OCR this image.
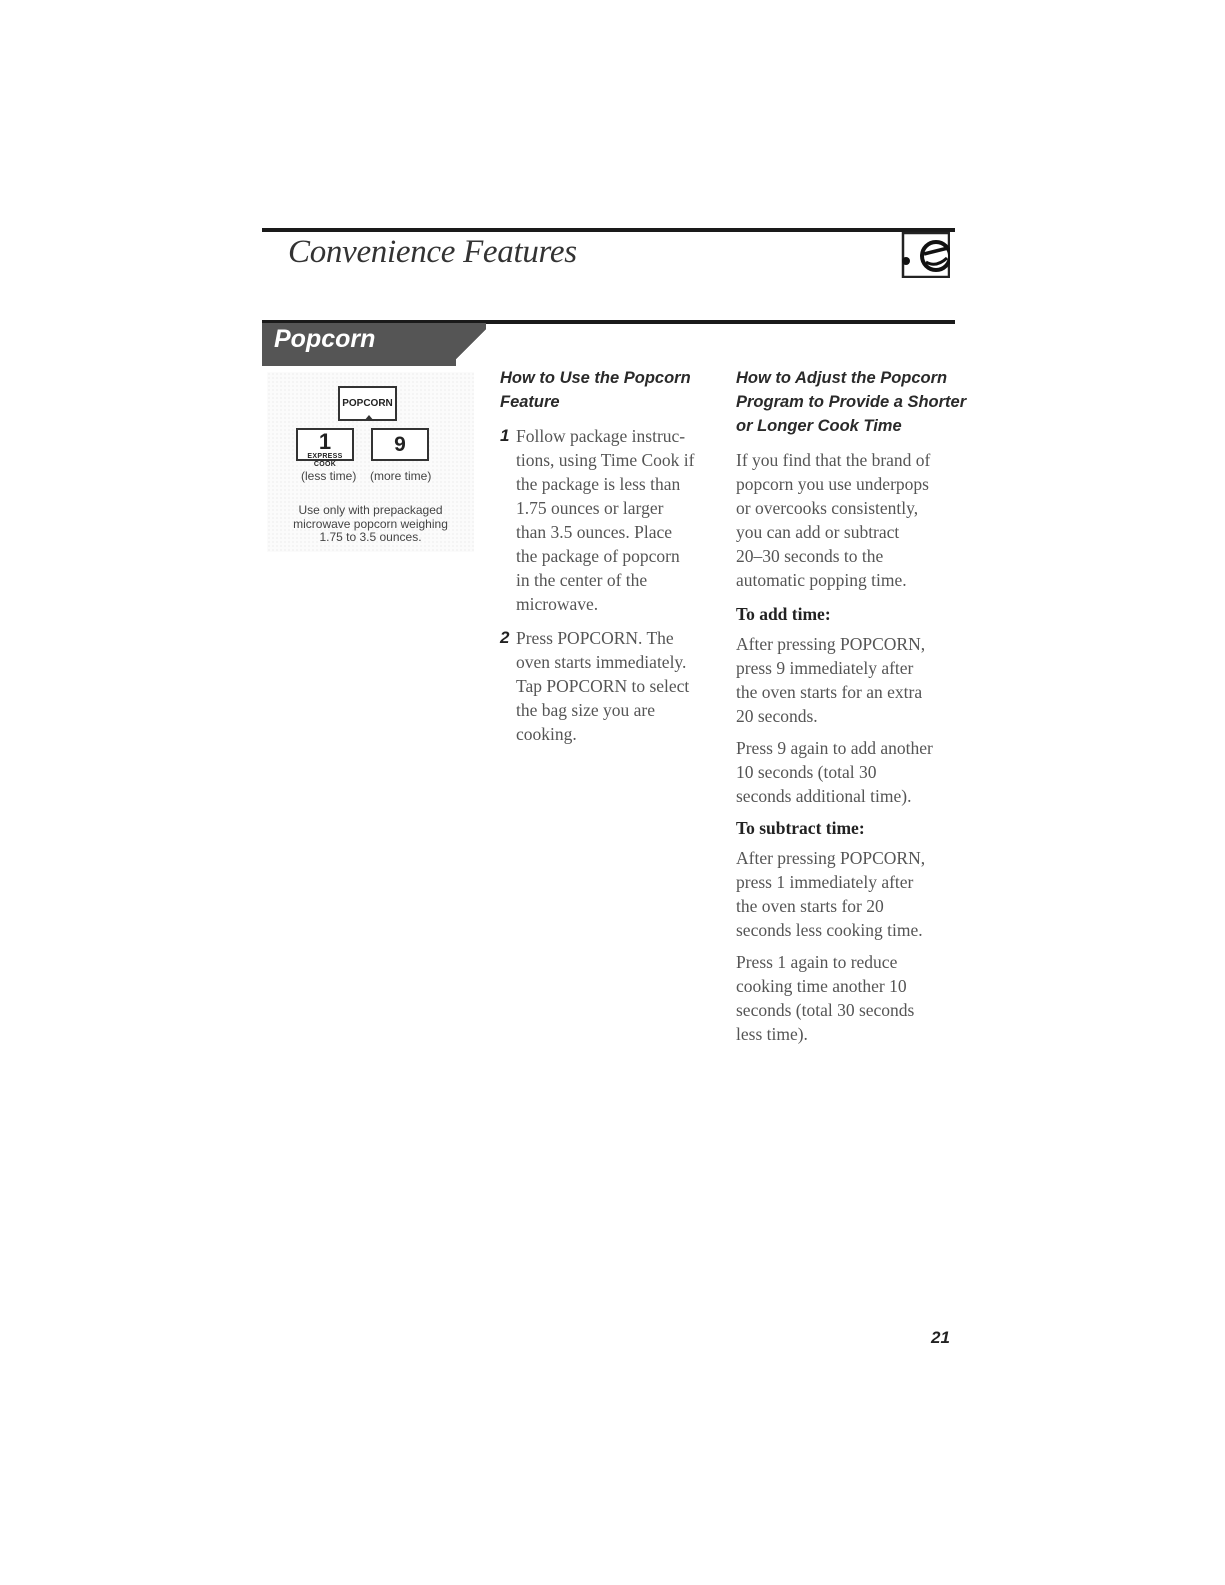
Convenience Features
Popcorn
POPCORN
1
EXPRESS COOK
9
(less time) (more time)
Use only with prepackaged
microwave popcorn weighing
1.75 to 3.5 ounces.
How to Use the Popcorn
Feature
1 Follow package instruc-
tions, using Time Cook if
the package is less than
1.75 ounces or larger
than 3.5 ounces. Place
the package of popcorn
in the center of the
microwave.
2 Press POPCORN. The
oven starts immediately.
Tap POPCORN to select
the bag size you are
cooking.
How to Adjust the Popcorn
Program to Provide a Shorter
or Longer Cook Time
If you find that the brand of
popcorn you use underpops
or overcooks consistently,
you can add or subtract
20–30 seconds to the
automatic popping time.
To add time:
After pressing POPCORN,
press 9 immediately after
the oven starts for an extra
20 seconds.
Press 9 again to add another
10 seconds (total 30
seconds additional time).
To subtract time:
After pressing POPCORN,
press 1 immediately after
the oven starts for 20
seconds less cooking time.
Press 1 again to reduce
cooking time another 10
seconds (total 30 seconds
less time).
21
